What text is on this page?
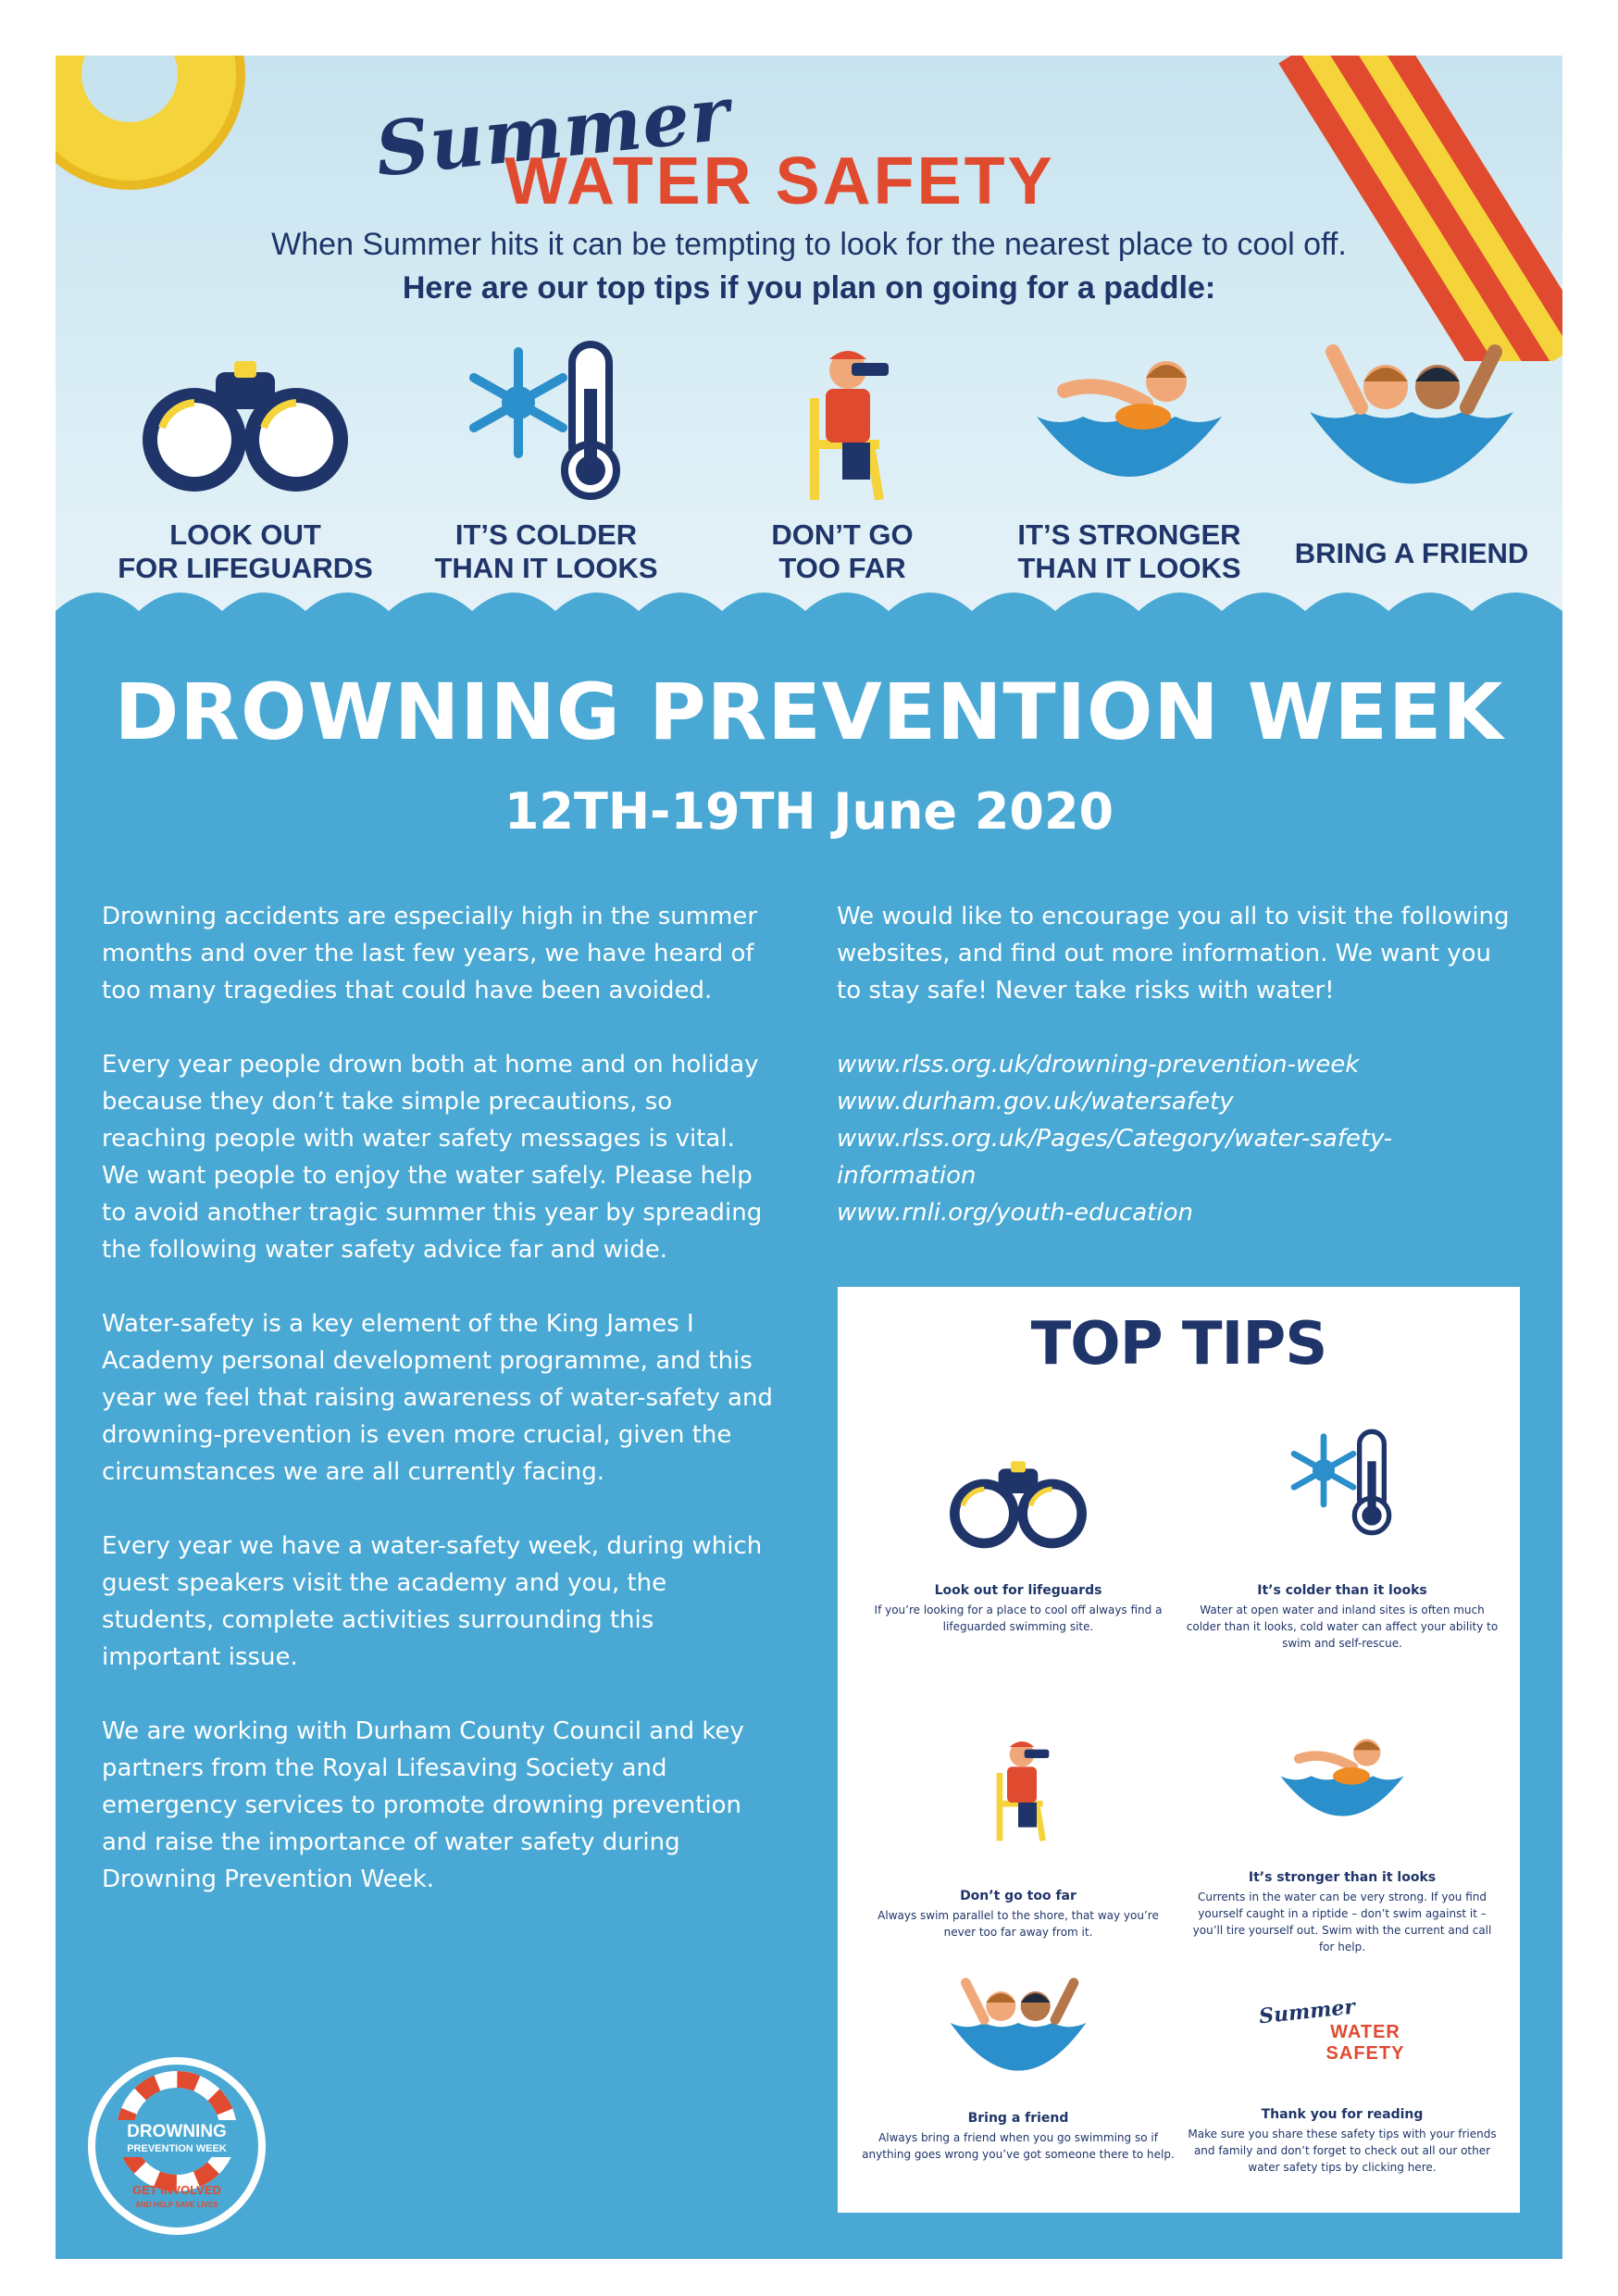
Summer
WATER SAFETY
When Summer hits it can be tempting to look for the nearest place to cool off.
Here are our top tips if you plan on going for a paddle:
LOOK OUT
FOR LIFEGUARDS
IT’S COLDER
THAN IT LOOKS
DON’T GO
TOO FAR
IT’S STRONGER
THAN IT LOOKS	BRING A FRIEND
DROWNING PREVENTION WEEK
12TH-19TH June 2020

Drowning accidents are especially high in the summer months and over the last few years, we have heard of too many tragedies that could have been avoided.

Every year people drown both at home and on holiday because they don’t take simple precautions, so reaching people with water safety messages is vital. We want people to enjoy the water safely. Please help to avoid another tragic summer this year by spreading the following water safety advice far and wide.

Water-safety is a key element of the King James I Academy personal development programme, and this year we feel that raising awareness of water-safety and drowning-prevention is even more crucial, given the circumstances we are all currently facing.

Every year we have a water-safety week, during which guest speakers visit the academy and you, the students, complete activities surrounding this important issue.

We are working with Durham County Council and key partners from the Royal Lifesaving Society and emergency services to promote drowning prevention and raise the importance of water safety during Drowning Prevention Week.

We would like to encourage you all to visit the following websites, and find out more information. We want you to stay safe! Never take risks with water!

www.rlss.org.uk/drowning-prevention-week
www.durham.gov.uk/watersafety
www.rlss.org.uk/Pages/Category/water-safety-information
www.rnli.org/youth-education
TOP TIPS
Look out for lifeguards
If you’re looking for a place to cool off always find a lifeguarded swimming site.
It’s colder than it looks
Water at open water and inland sites is often much colder than it looks, cold water can affect your ability to swim and self-rescue.
Don’t go too far
Always swim parallel to the shore, that way you’re never too far away from it.
It’s stronger than it looks
Currents in the water can be very strong. If you find yourself caught in a riptide – don’t swim against it – you’ll tire yourself out. Swim with the current and call for help.
Bring a friend
Always bring a friend when you go swimming so if anything goes wrong you’ve got someone there to help.
Summer
WATER SAFETY
Thank you for reading
Make sure you share these safety tips with your friends and family and don’t forget to check out all our other water safety tips by clicking here.
DROWNING
PREVENTION WEEK
GET INVOLVED
AND HELP SAVE LIVES
